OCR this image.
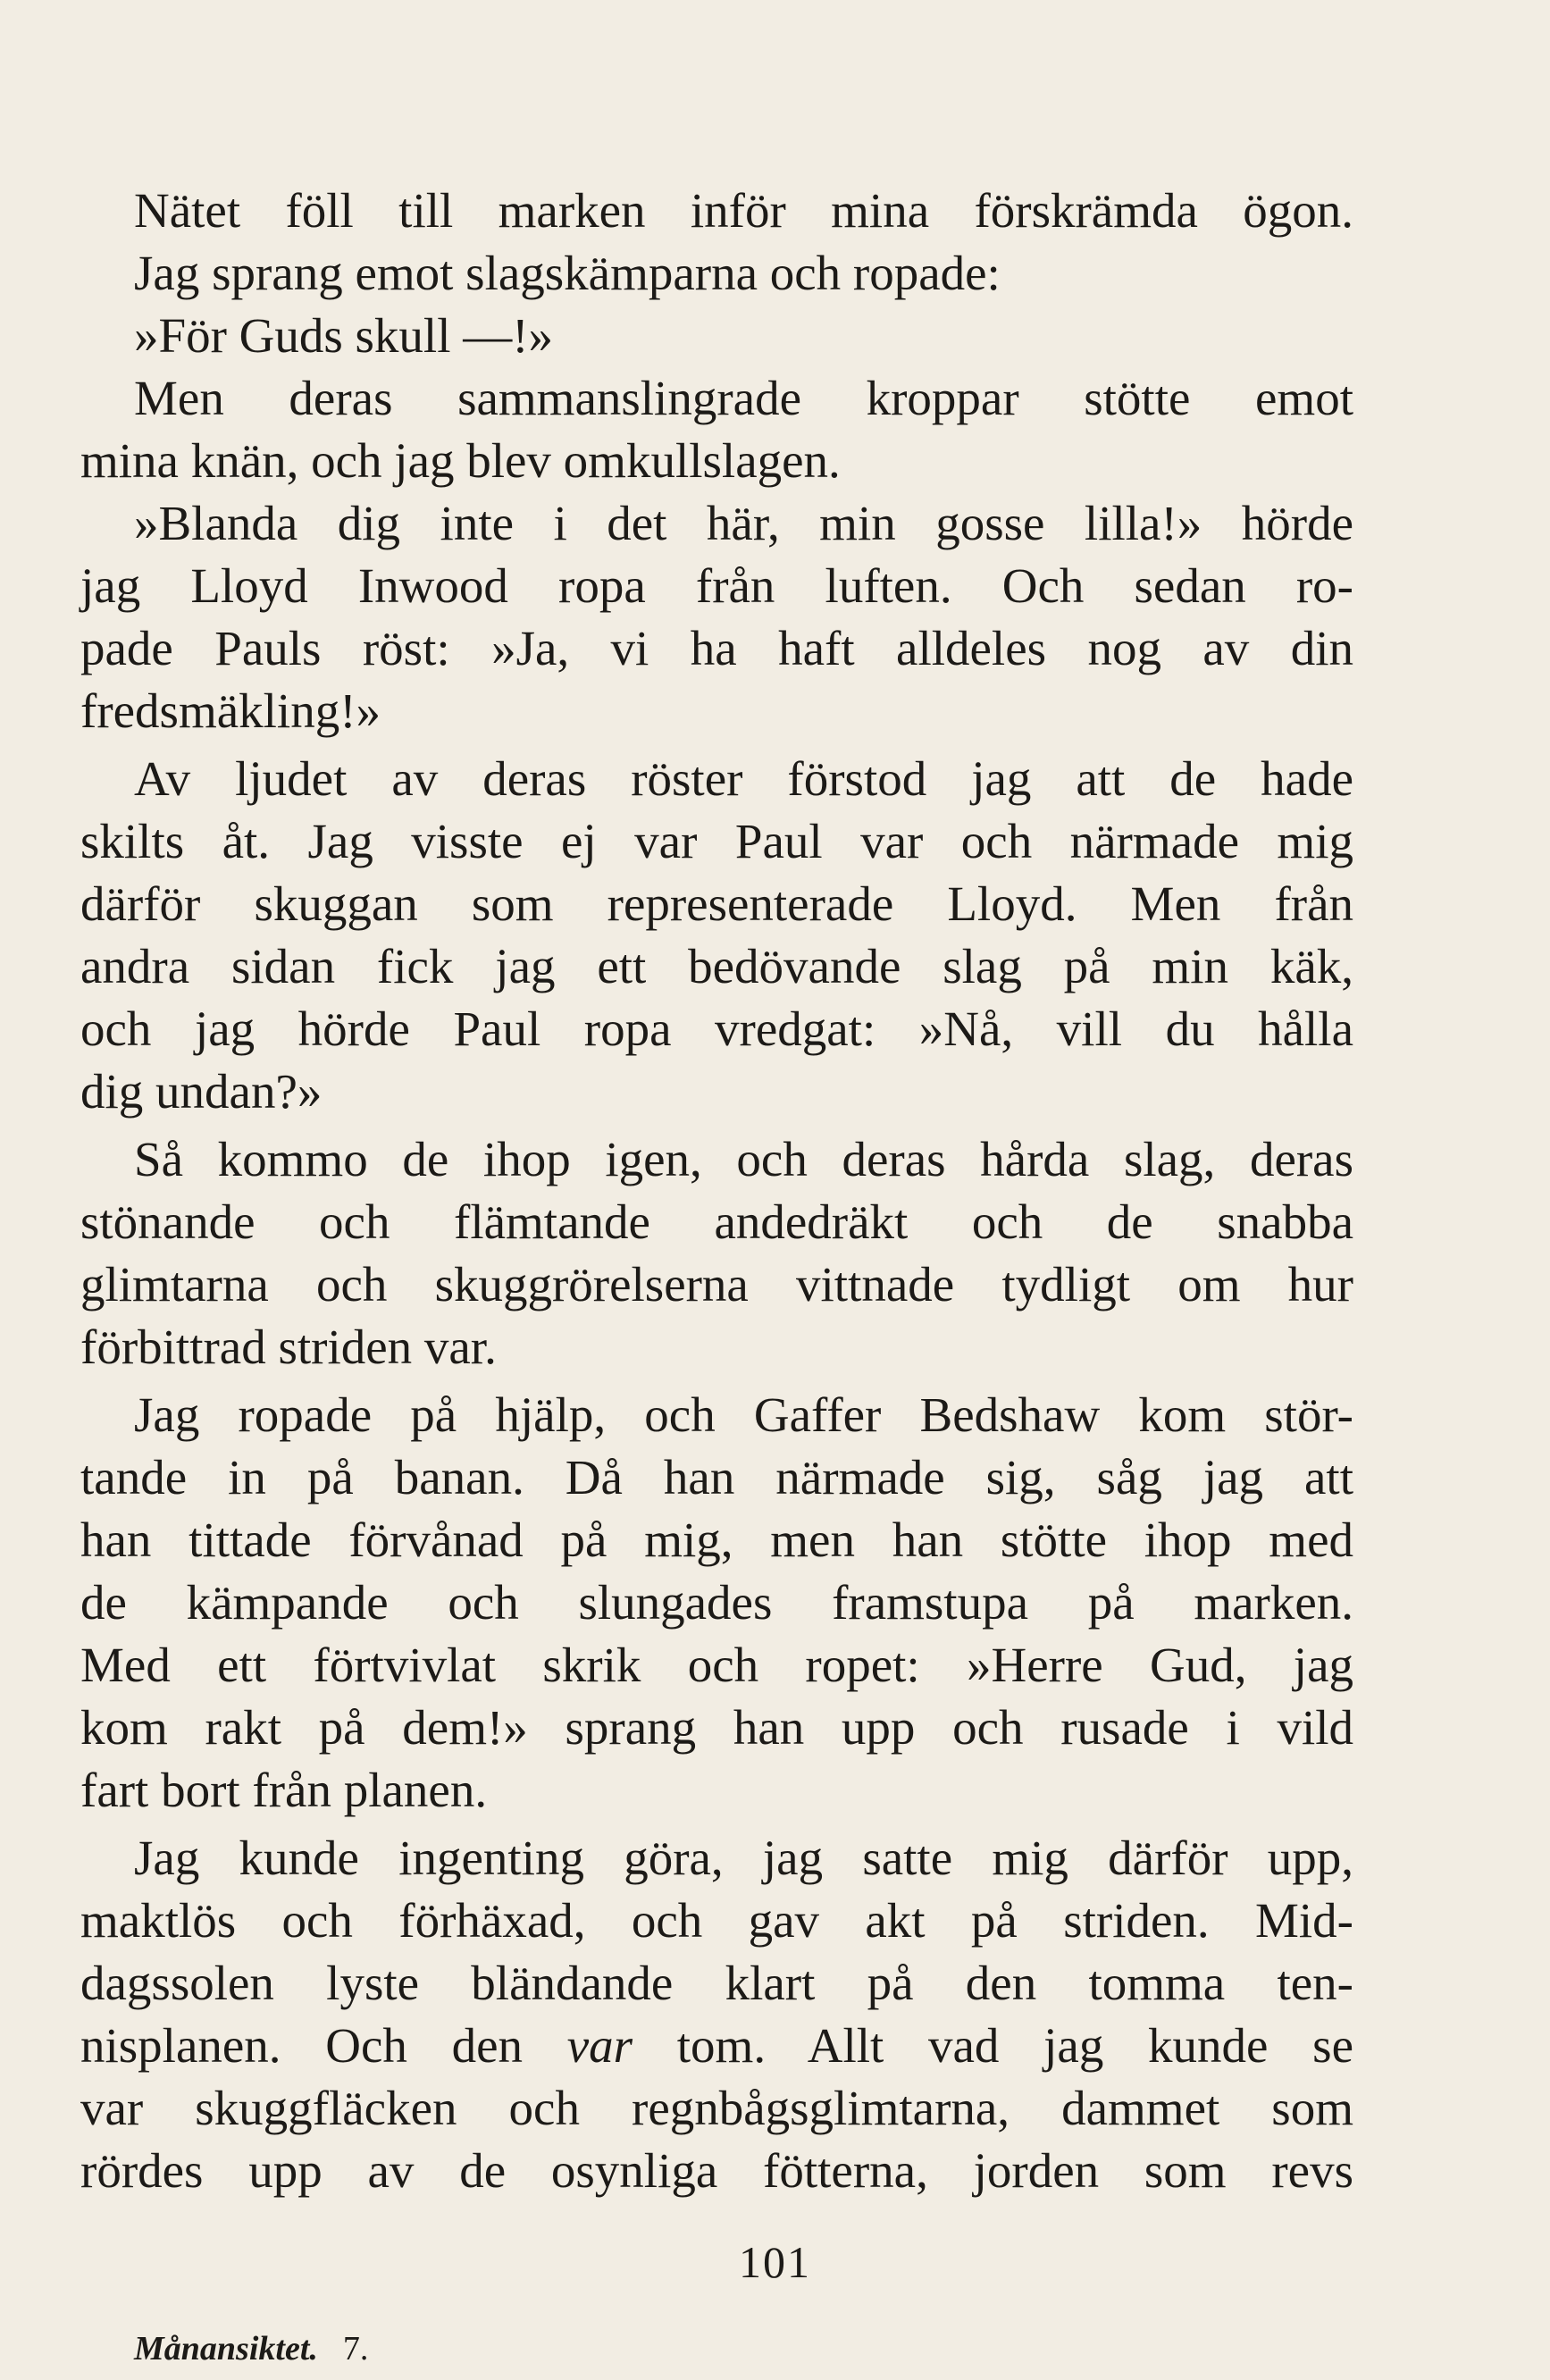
Nätet föll till marken inför mina förskrämda ögon.
Jag sprang emot slagskämparna och ropade:
»För Guds skull —!»
Men deras sammanslingrade kroppar stötte emot
mina knän, och jag blev omkullslagen.
»Blanda dig inte i det här, min gosse lilla!» hörde
jag Lloyd Inwood ropa från luften. Och sedan ro-
pade Pauls röst: »Ja, vi ha haft alldeles nog av din
fredsmäkling!»
Av ljudet av deras röster förstod jag att de hade
skilts åt. Jag visste ej var Paul var och närmade mig
därför skuggan som representerade Lloyd. Men från
andra sidan fick jag ett bedövande slag på min käk,
och jag hörde Paul ropa vredgat: »Nå, vill du hålla
dig undan?»
Så kommo de ihop igen, och deras hårda slag, deras
stönande och flämtande andedräkt och de snabba
glimtarna och skuggrörelserna vittnade tydligt om hur
förbittrad striden var.
Jag ropade på hjälp, och Gaffer Bedshaw kom stör-
tande in på banan. Då han närmade sig, såg jag att
han tittade förvånad på mig, men han stötte ihop med
de kämpande och slungades framstupa på marken.
Med ett förtvivlat skrik och ropet: »Herre Gud, jag
kom rakt på dem!» sprang han upp och rusade i vild
fart bort från planen.
Jag kunde ingenting göra, jag satte mig därför upp,
maktlös och förhäxad, och gav akt på striden. Mid-
dagssolen lyste bländande klart på den tomma ten-
nisplanen. Och den var tom. Allt vad jag kunde se
var skuggfläcken och regnbågsglimtarna, dammet som
rördes upp av de osynliga fötterna, jorden som revs
101
Månansiktet. 7.
